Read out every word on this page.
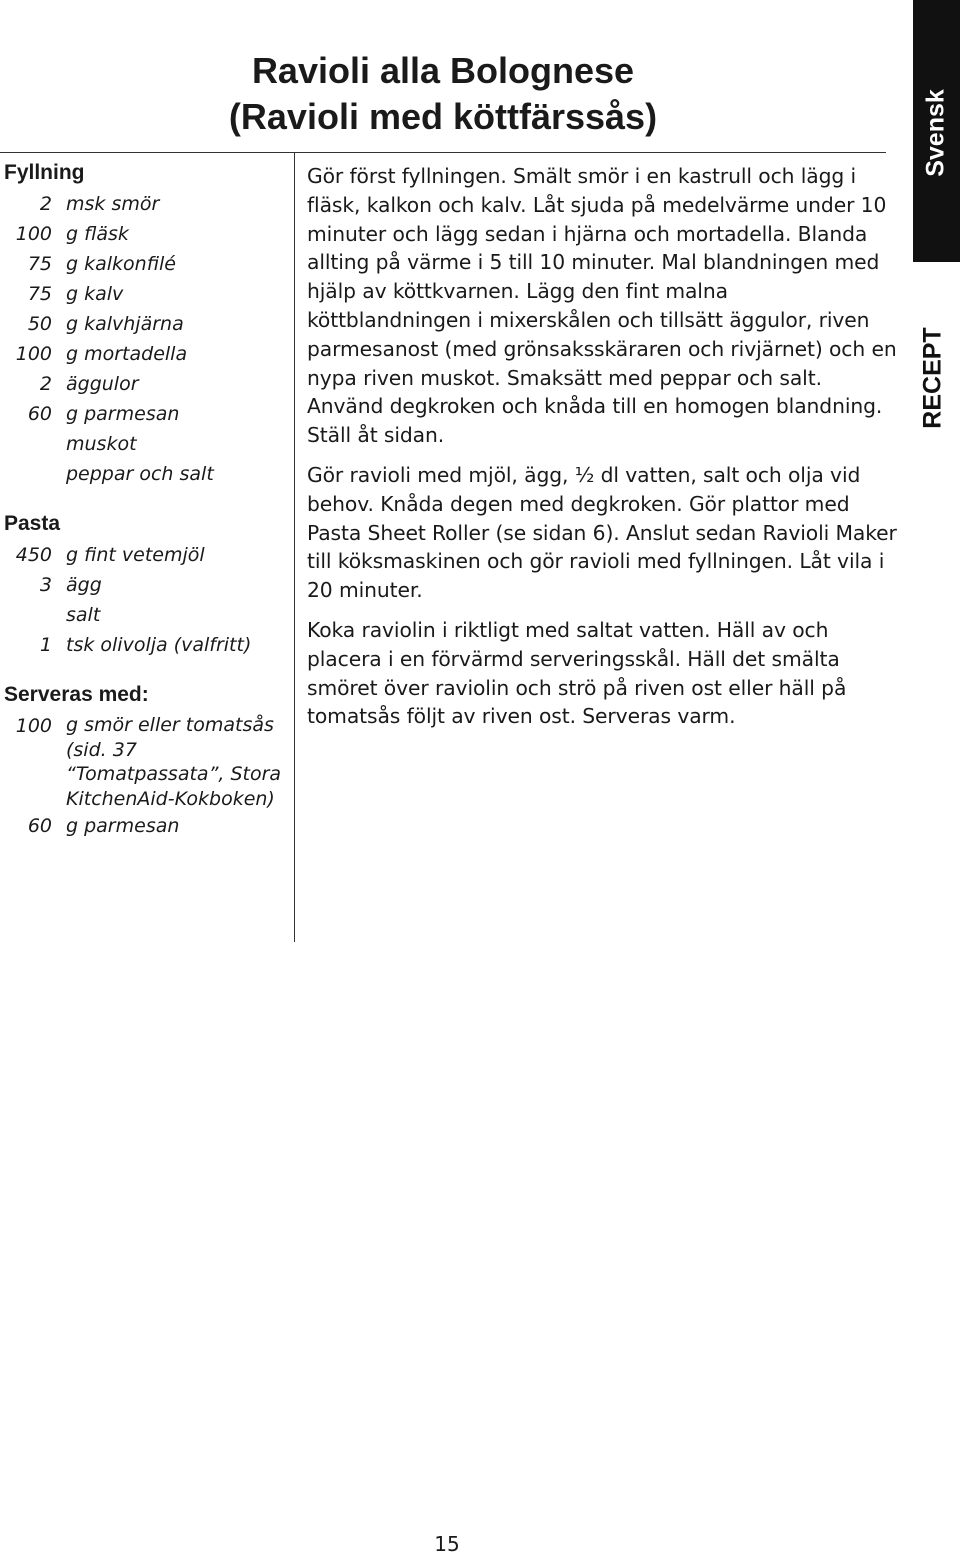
Ravioli alla Bolognese
(Ravioli med köttfärssås)
Fyllning
2 msk smör
100 g fläsk
75 g kalkonfilé
75 g kalv
50 g kalvhjärna
100 g mortadella
2 äggulor
60 g parmesan
muskot
peppar och salt
Pasta
450 g fint vetemjöl
3 ägg
salt
1 tsk olivolja (valfritt)
Serveras med:
100 g smör eller tomatsås (sid. 37 “Tomatpassata”, Stora KitchenAid-Kokboken)
60 g parmesan

Gör först fyllningen. Smält smör i en kastrull och lägg i fläsk, kalkon och kalv. Låt sjuda på medelvärme under 10 minuter och lägg sedan i hjärna och mortadella. Blanda allting på värme i 5 till 10 minuter. Mal blandningen med hjälp av köttkvarnen. Lägg den fint malna köttblandningen i mixerskålen och tillsätt äggulor, riven parmesanost (med grönsaksskäraren och rivjärnet) och en nypa riven muskot. Smaksätt med peppar och salt. Använd degkroken och knåda till en homogen blandning. Ställ åt sidan.

Gör ravioli med mjöl, ägg, ½ dl vatten, salt och olja vid behov. Knåda degen med degkroken. Gör plattor med Pasta Sheet Roller (se sidan 6). Anslut sedan Ravioli Maker till köksmaskinen och gör ravioli med fyllningen. Låt vila i 20 minuter.

Koka raviolin i riktligt med saltat vatten. Häll av och placera i en förvärmd serveringsskål. Häll det smälta smöret över raviolin och strö på riven ost eller häll på tomatsås följt av riven ost. Serveras varm.

Svensk
RECEPT
15
